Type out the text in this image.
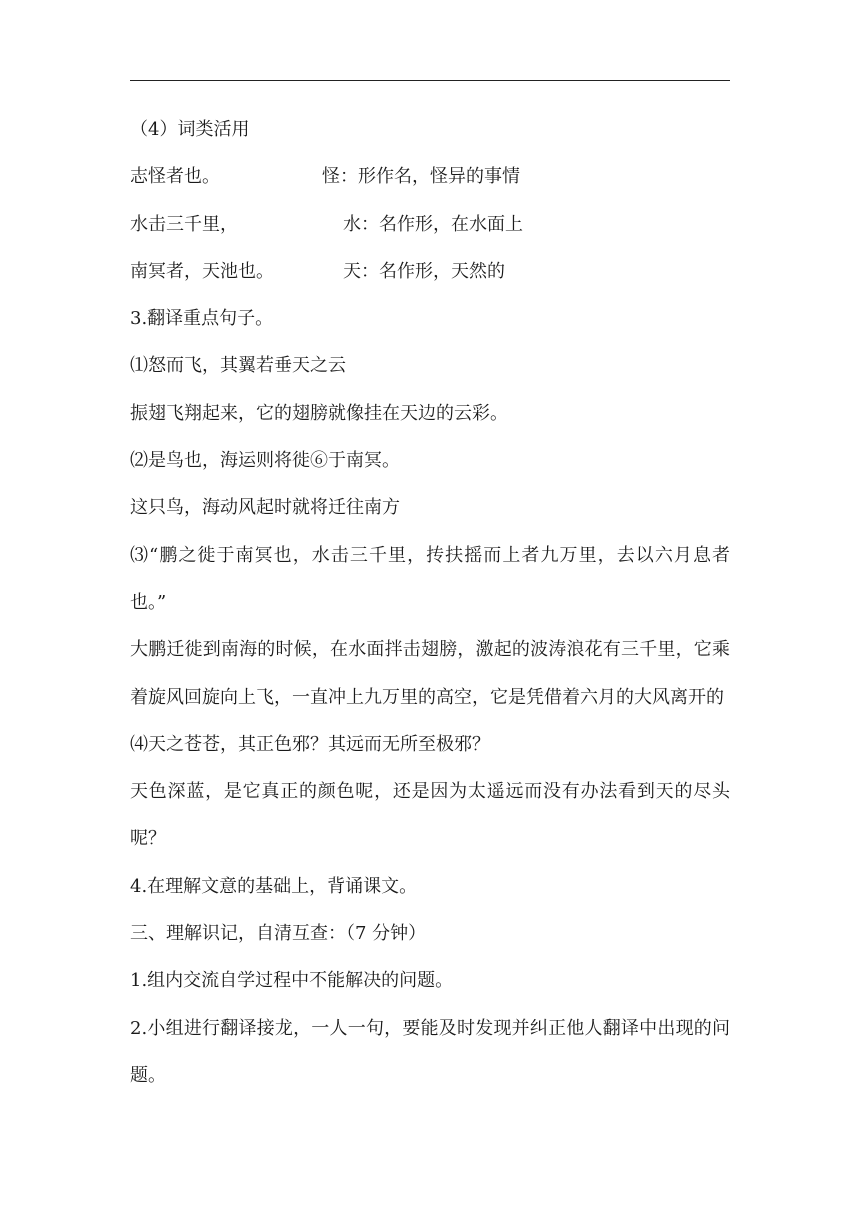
（4）词类活用
志怪者也。	怪：形作名，怪异的事情
水击三千里，	水：名作形，在水面上
南冥者，天池也。	天：名作形，天然的
3.翻译重点句子。
⑴怒而飞，其翼若垂天之云
振翅飞翔起来，它的翅膀就像挂在天边的云彩。
⑵是鸟也，海运则将徙⑥于南冥。
这只鸟，海动风起时就将迁往南方
⑶“鹏之徙于南冥也，水击三千里，抟扶摇而上者九万里，去以六月息者也。”
大鹏迁徙到南海的时候，在水面拌击翅膀，激起的波涛浪花有三千里，它乘着旋风回旋向上飞，一直冲上九万里的高空，它是凭借着六月的大风离开的
⑷天之苍苍，其正色邪？其远而无所至极邪？
天色深蓝，是它真正的颜色呢，还是因为太遥远而没有办法看到天的尽头呢？
4.在理解文意的基础上，背诵课文。
三、理解识记，自清互查：（7 分钟）
1.组内交流自学过程中不能解决的问题。
2.小组进行翻译接龙，一人一句，要能及时发现并纠正他人翻译中出现的问题。
